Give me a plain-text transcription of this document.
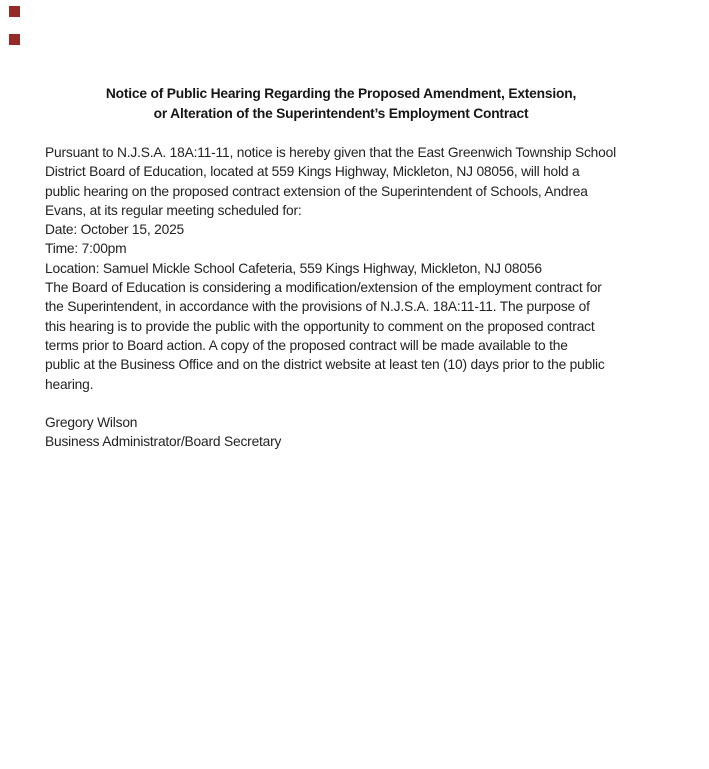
Notice of Public Hearing Regarding the Proposed Amendment, Extension,
or Alteration of the Superintendent’s Employment Contract
Pursuant to N.J.S.A. 18A:11-11, notice is hereby given that the East Greenwich Township School
District Board of Education, located at 559 Kings Highway, Mickleton, NJ 08056, will hold a
public hearing on the proposed contract extension of the Superintendent of Schools, Andrea
Evans, at its regular meeting scheduled for:
Date: October 15, 2025
Time: 7:00pm
Location: Samuel Mickle School Cafeteria, 559 Kings Highway, Mickleton, NJ 08056
The Board of Education is considering a modification/extension of the employment contract for
the Superintendent, in accordance with the provisions of N.J.S.A. 18A:11-11. The purpose of
this hearing is to provide the public with the opportunity to comment on the proposed contract
terms prior to Board action. A copy of the proposed contract will be made available to the
public at the Business Office and on the district website at least ten (10) days prior to the public
hearing.
Gregory Wilson
Business Administrator/Board Secretary
